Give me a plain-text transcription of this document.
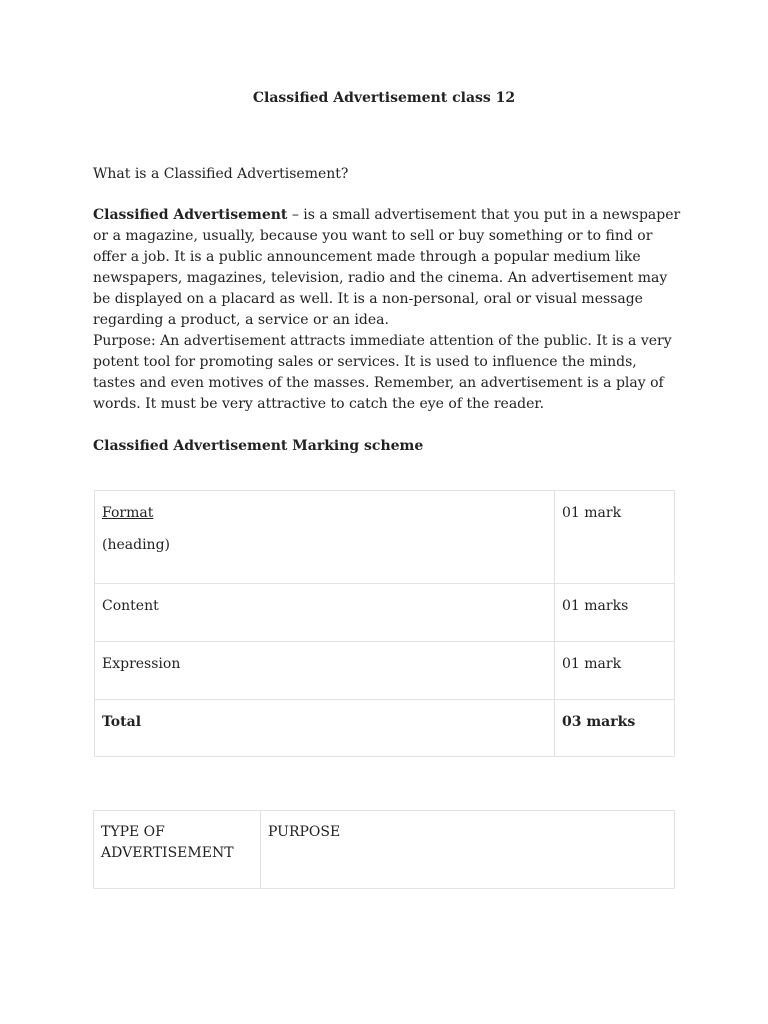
Classified Advertisement class 12
What is a Classified Advertisement?

Classified Advertisement – is a small advertisement that you put in a newspaper or a magazine, usually, because you want to sell or buy something or to find or offer a job. It is a public announcement made through a popular medium like newspapers, magazines, television, radio and the cinema. An advertisement may be displayed on a placard as well. It is a non-personal, oral or visual message regarding a product, a service or an idea.

Purpose: An advertisement attracts immediate attention of the public. It is a very potent tool for promoting sales or services. It is used to influence the minds, tastes and even motives of the masses. Remember, an advertisement is a play of words. It must be very attractive to catch the eye of the reader.

Classified Advertisement Marking scheme
Format
(heading)	01 mark
Content	01 marks
Expression	01 mark
Total	03 marks
TYPE OF ADVERTISEMENT	PURPOSE
